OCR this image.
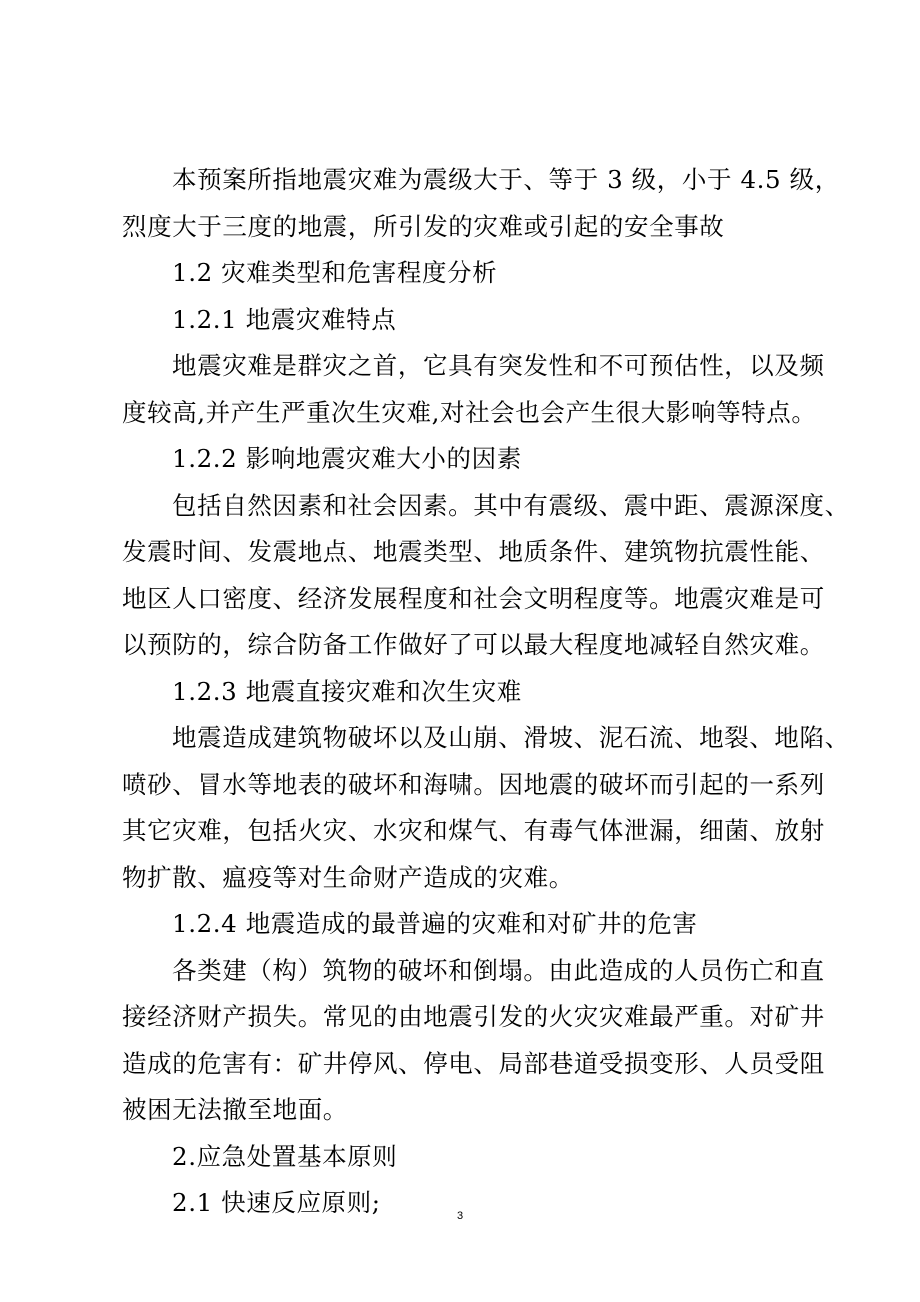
本预案所指地震灾难为震级大于、等于 3 级，小于 4.5 级，
烈度大于三度的地震，所引发的灾难或引起的安全事故
1.2 灾难类型和危害程度分析
1.2.1 地震灾难特点
地震灾难是群灾之首，它具有突发性和不可预估性，以及频
度较高,并产生严重次生灾难,对社会也会产生很大影响等特点。
1.2.2 影响地震灾难大小的因素
包括自然因素和社会因素。其中有震级、震中距、震源深度、
发震时间、发震地点、地震类型、地质条件、建筑物抗震性能、
地区人口密度、经济发展程度和社会文明程度等。地震灾难是可
以预防的，综合防备工作做好了可以最大程度地减轻自然灾难。
1.2.3 地震直接灾难和次生灾难
地震造成建筑物破坏以及山崩、滑坡、泥石流、地裂、地陷、
喷砂、冒水等地表的破坏和海啸。因地震的破坏而引起的一系列
其它灾难，包括火灾、水灾和煤气、有毒气体泄漏，细菌、放射
物扩散、瘟疫等对生命财产造成的灾难。
1.2.4 地震造成的最普遍的灾难和对矿井的危害
各类建（构）筑物的破坏和倒塌。由此造成的人员伤亡和直
接经济财产损失。常见的由地震引发的火灾灾难最严重。对矿井
造成的危害有：矿井停风、停电、局部巷道受损变形、人员受阻
被困无法撤至地面。
2.应急处置基本原则
2.1 快速反应原则;	3
